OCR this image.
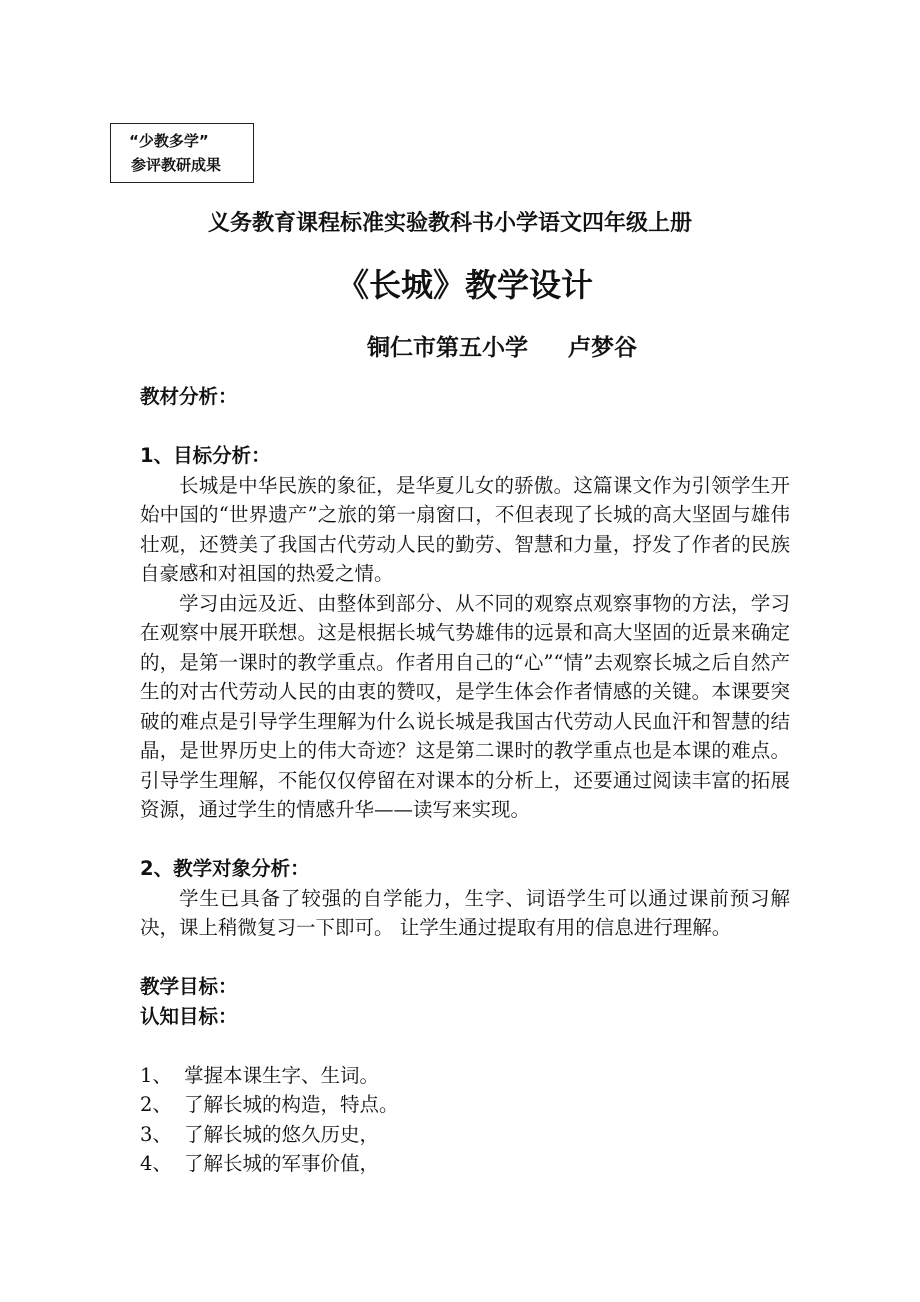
“少教多学”
参评教研成果
义务教育课程标准实验教科书小学语文四年级上册
《长城》教学设计
铜仁市第五小学 卢梦谷

教材分析：

1、目标分析：

长城是中华民族的象征，是华夏儿女的骄傲。这篇课文作为引领学生开始中国的“世界遗产”之旅的第一扇窗口，不但表现了长城的高大坚固与雄伟壮观，还赞美了我国古代劳动人民的勤劳、智慧和力量，抒发了作者的民族自豪感和对祖国的热爱之情。

学习由远及近、由整体到部分、从不同的观察点观察事物的方法，学习在观察中展开联想。这是根据长城气势雄伟的远景和高大坚固的近景来确定的，是第一课时的教学重点。作者用自己的“心”“情”去观察长城之后自然产生的对古代劳动人民的由衷的赞叹，是学生体会作者情感的关键。本课要突破的难点是引导学生理解为什么说长城是我国古代劳动人民血汗和智慧的结晶，是世界历史上的伟大奇迹？这是第二课时的教学重点也是本课的难点。引导学生理解，不能仅仅停留在对课本的分析上，还要通过阅读丰富的拓展资源，通过学生的情感升华——读写来实现。

2、教学对象分析：

学生已具备了较强的自学能力，生字、词语学生可以通过课前预习解决，课上稍微复习一下即可。 让学生通过提取有用的信息进行理解。

教学目标：

认知目标：

1、 掌握本课生字、生词。
2、 了解长城的构造，特点。
3、 了解长城的悠久历史，
4、 了解长城的军事价值，
